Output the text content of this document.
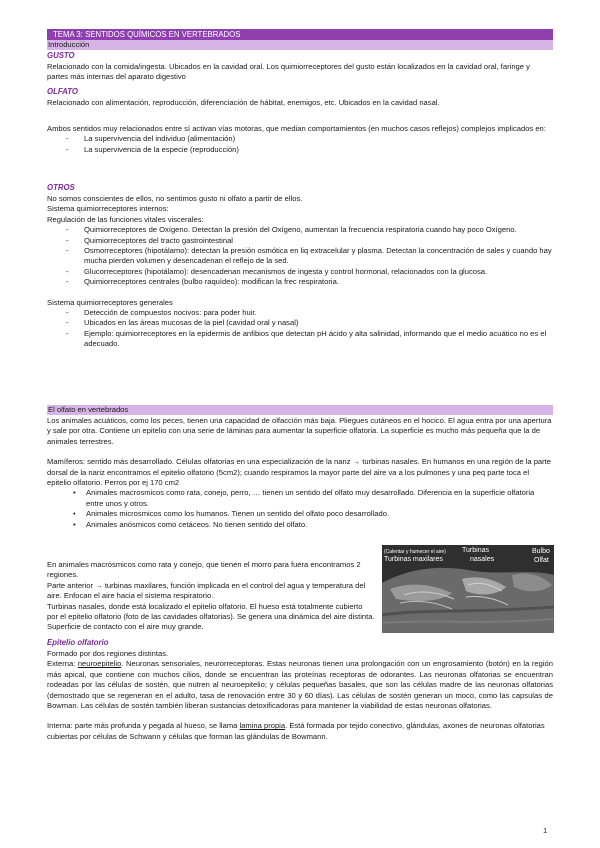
TEMA 3: SENTIDOS QUÍMICOS EN VERTEBRADOS
Introducción
GUSTO

Relacionado con la comida/ingesta. Ubicados en la cavidad oral. Los quimiorreceptores del gusto están localizados en la cavidad oral, faringe y partes más internas del aparato digestivo

OLFATO

Relacionado con alimentación, reproducción, diferenciación de hábitat, enemigos, etc. Ubicados en la cavidad nasal.

Ambos sentidos muy relacionados entre sí activan vías motoras, que median comportamientos (en muchos casos reflejos) complejos implicados en:

- La supervivencia del individuo (alimentación)
- La supervivencia de la especie (reproducción)
OTROS

No somos conscientes de ellos, no sentimos gusto ni olfato a partir de ellos.

Sistema quimiorreceptores internos:

Regulación de las funciones vitales viscerales:

- Quimiorreceptores de Oxígeno. Detectan la presión del Oxígeno, aumentan la frecuencia respiratoria cuando hay poco Oxígeno.
- Quimiorreceptores del tracto gastrointestinal
- Osmorreceptores (hipotálamo): detectan la presión osmótica en liq extracelular y plasma. Detectan la concentración de sales y cuando hay mucha pierden volumen y desencadenan el reflejo de la sed.
- Glucorreceptores (hipotálamo): desencadenan mecanismos de ingesta y control hormonal, relacionados con la glucosa.
- Quimiorreceptores centrales (bulbo raquídeo): modifican la frec respiratoria.

Sistema quimiorreceptores generales

- Detección de compuestos nocivos: para poder huir.
- Ubicados en las áreas mucosas de la piel (cavidad oral y nasal)
- Ejemplo: quimiorreceptores en la epidermis de anfibios que detectan pH ácido y alta salinidad, informando que el medio acuático no es el adecuado.
El olfato en vertebrados

Los animales acuáticos, como los peces, tienen una capacidad de olfacción más baja. Pliegues cutáneos en el hocico. El agua entra por una apertura y sale por otra. Contiene un epitelio con una serie de láminas para aumentar la superficie olfatoria. La superficie es mucho más pequeña que la de animales terrestres.

Mamíferos: sentido más desarrollado. Células olfatorias en una especialización de la nariz → turbinas nasales. En humanos en una región de la parte dorsal de la nariz encontramos el epitelio olfatorio (5cm2); cuando respiramos la mayor parte del aire va a los pulmones y una peq parte toca el epitelio olfatorio. Perros por ej 170 cm2

• Animales macrosmicos como rata, conejo, perro, … tienen un sentido del olfato muy desarrollado. Diferencia en la superficie olfatoria entre unos y otros.
• Animales microsmicos como los humanos. Tienen un sentido del olfato poco desarrollado.
• Animales anósmicos como cetáceos. No tienen sentido del olfato.

En animales macrósmicos como rata y conejo, que tienen el morro para fuera encontramos 2 regiones.

Parte anterior → turbinas maxilares, función implicada en el control del agua y temperatura del aire. Enfocan el aire hacia el sistema respiratorio.

Turbinas nasales, donde está localizado el epitelio olfatorio. El hueso está totalmente cubierto por el epitelio olfatorio (foto de las cavidades olfatorias). Se genera una dinámica del aire distinta. Superficie de contacto con el aire muy grande.

(Calentar y humecer el aire)
Turbinas maxilares
Turbinas
nasales
Bulbo
Olfat
Epitelio olfatorio

Formado por dos regiones distintas.

Externa: neuroepitelio. Neuronas sensoriales, neurorreceptoras. Estas neuronas tienen una prolongación con un engrosamiento (botón) en la región más apical, que contiene con muchos cilios, donde se encuentran las proteínas receptoras de odorantes. Las neuronas olfatorias se encuentran rodeadas por las células de sostén, que nutren al neuroepitelio; y células pequeñas basales, que son las células madre de las neuronas olfatorias (demostrado que se regeneran en el adulto, tasa de renovación entre 30 y 60 días). Las células de sostén generan un moco, como las capsulas de Bowman. Las células de sostén también liberan sustancias detoxificadoras para mantener la viabilidad de estas neuronas olfatorias.

Interna: parte más profunda y pegada al hueso, se llama lamina propia. Está formada por tejido conectivo, glándulas, axones de neuronas olfatorias cubiertas por células de Schwann y células que forman las glándulas de Bowmann.

1
